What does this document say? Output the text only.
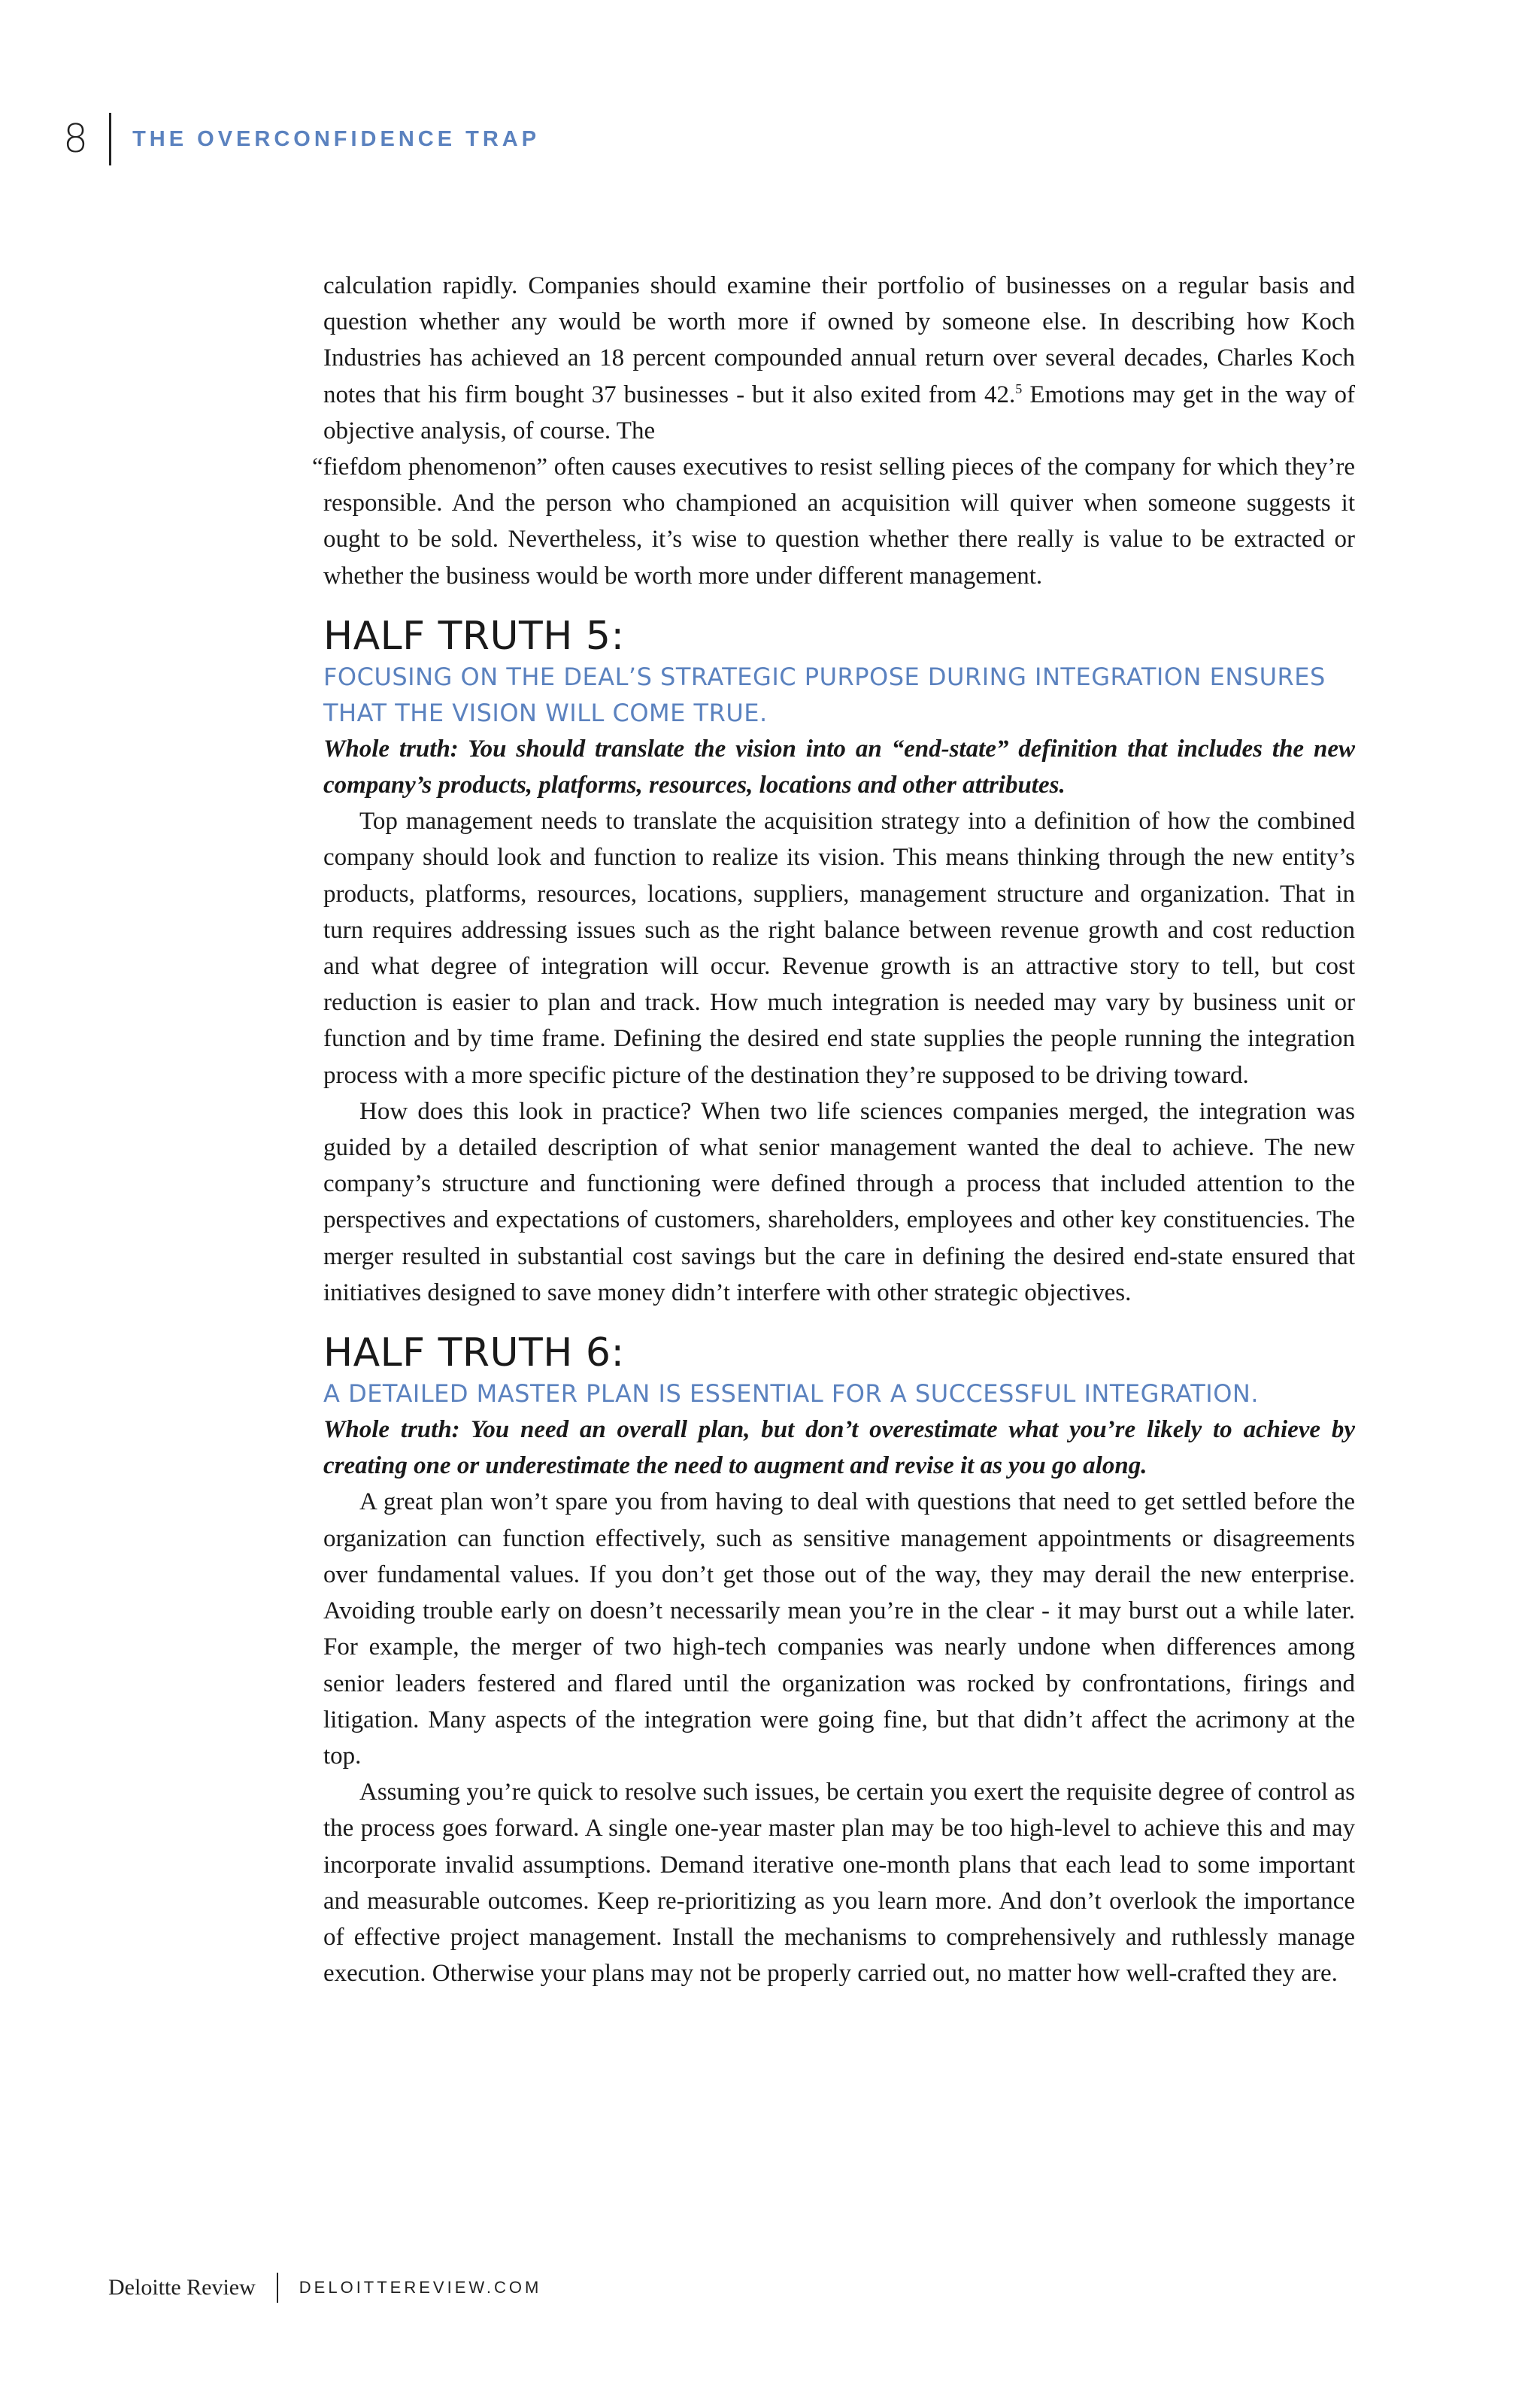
8	THE OVERCONFIDENCE TRAP

calculation rapidly. Companies should examine their portfolio of businesses on a regular basis and question whether any would be worth more if owned by someone else. In describing how Koch Industries has achieved an 18 percent compounded annual return over several decades, Charles Koch notes that his firm bought 37 businesses - but it also exited from 42.$^5$ Emotions may get in the way of objective analysis, of course. The

“fiefdom phenomenon” often causes executives to resist selling pieces of the company for which they’re responsible. And the person who championed an acquisition will quiver when someone suggests it ought to be sold. Nevertheless, it’s wise to question whether there really is value to be extracted or whether the business would be worth more under different management.

HALF TRUTH 5:

FOCUSING ON THE DEAL’S STRATEGIC PURPOSE DURING INTEGRATION ENSURES THAT THE VISION WILL COME TRUE.

Whole truth: You should translate the vision into an “end-state” definition that includes the new company’s products, platforms, resources, locations and other attributes.

Top management needs to translate the acquisition strategy into a definition of how the combined company should look and function to realize its vision. This means thinking through the new entity’s products, platforms, resources, locations, suppliers, management structure and organization. That in turn requires addressing issues such as the right balance between revenue growth and cost reduction and what degree of integration will occur. Revenue growth is an attractive story to tell, but cost reduction is easier to plan and track. How much integration is needed may vary by business unit or function and by time frame. Defining the desired end state supplies the people running the integration process with a more specific picture of the destination they’re supposed to be driving toward.

How does this look in practice? When two life sciences companies merged, the integration was guided by a detailed description of what senior management wanted the deal to achieve. The new company’s structure and functioning were defined through a process that included attention to the perspectives and expectations of customers, shareholders, employees and other key constituencies. The merger resulted in substantial cost savings but the care in defining the desired end-state ensured that initiatives designed to save money didn’t interfere with other strategic objectives.

HALF TRUTH 6:

A DETAILED MASTER PLAN IS ESSENTIAL FOR A SUCCESSFUL INTEGRATION.

Whole truth: You need an overall plan, but don’t overestimate what you’re likely to achieve by creating one or underestimate the need to augment and revise it as you go along.

A great plan won’t spare you from having to deal with questions that need to get settled before the organization can function effectively, such as sensitive management appointments or disagreements over fundamental values. If you don’t get those out of the way, they may derail the new enterprise. Avoiding trouble early on doesn’t necessarily mean you’re in the clear - it may burst out a while later. For example, the merger of two high-tech companies was nearly undone when differences among senior leaders festered and flared until the organization was rocked by confrontations, firings and litigation. Many aspects of the integration were going fine, but that didn’t affect the acrimony at the top.

Assuming you’re quick to resolve such issues, be certain you exert the requisite degree of control as the process goes forward. A single one-year master plan may be too high-level to achieve this and may incorporate invalid assumptions. Demand iterative one-month plans that each lead to some important and measurable outcomes. Keep re-prioritizing as you learn more. And don’t overlook the importance of effective project management. Install the mechanisms to comprehensively and ruthlessly manage execution. Otherwise your plans may not be properly carried out, no matter how well-crafted they are.

Deloitte Review	DELOITTEREVIEW.COM
